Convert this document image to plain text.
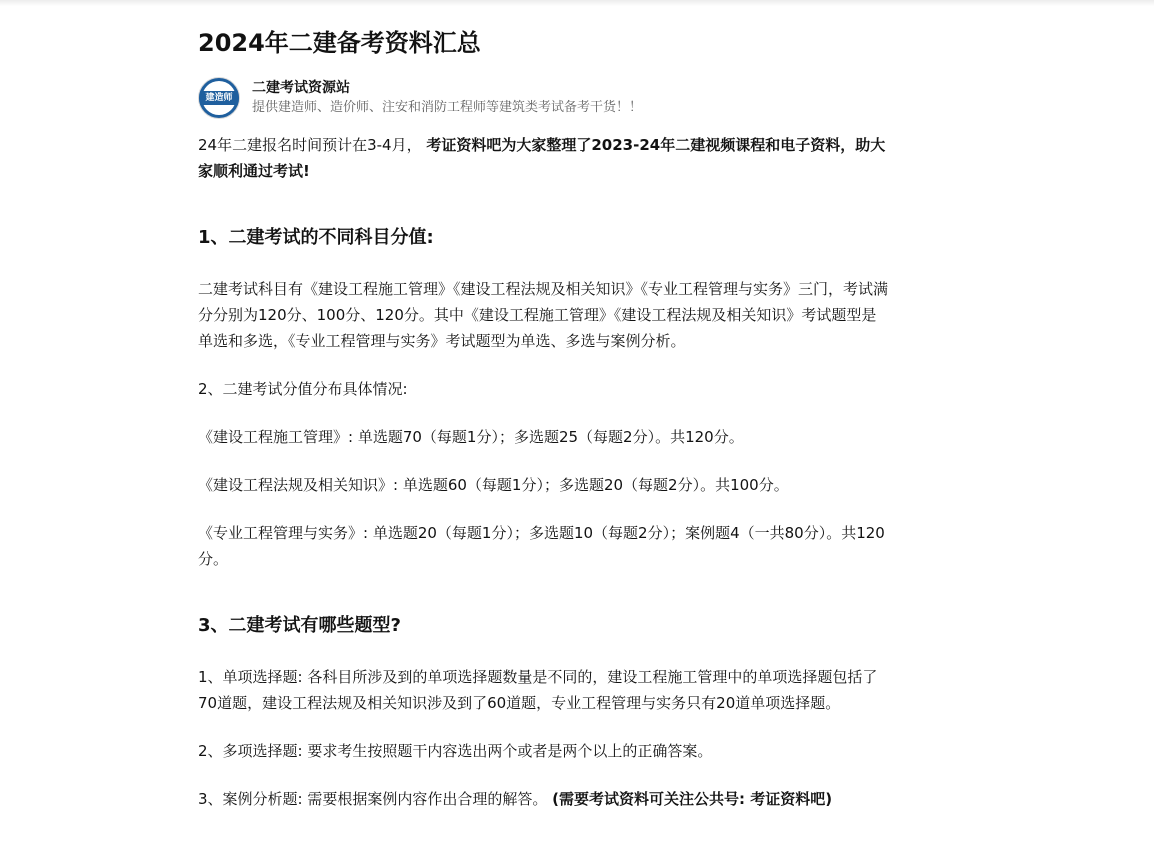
2024年二建备考资料汇总
建造师
二建考试资源站
提供建造师、造价师、注安和消防工程师等建筑类考试备考干货！！

24年二建报名时间预计在3-4月， 考证资料吧为大家整理了2023-24年二建视频课程和电子资料，助大家顺利通过考试!

1、二建考试的不同科目分值:

二建考试科目有《建设工程施工管理》《建设工程法规及相关知识》《专业工程管理与实务》三门，考试满分分别为120分、100分、120分。其中《建设工程施工管理》《建设工程法规及相关知识》考试题型是单选和多选，《专业工程管理与实务》考试题型为单选、多选与案例分析。

2、二建考试分值分布具体情况:

《建设工程施工管理》: 单选题70（每题1分）；多选题25（每题2分）。共120分。

《建设工程法规及相关知识》: 单选题60（每题1分）；多选题20（每题2分）。共100分。

《专业工程管理与实务》: 单选题20（每题1分）；多选题10（每题2分）；案例题4（一共80分）。共120分。

3、二建考试有哪些题型?

1、单项选择题: 各科目所涉及到的单项选择题数量是不同的，建设工程施工管理中的单项选择题包括了70道题，建设工程法规及相关知识涉及到了60道题，专业工程管理与实务只有20道单项选择题。

2、多项选择题: 要求考生按照题干内容选出两个或者是两个以上的正确答案。

3、案例分析题: 需要根据案例内容作出合理的解答。 (需要考试资料可关注公共号: 考证资料吧)
